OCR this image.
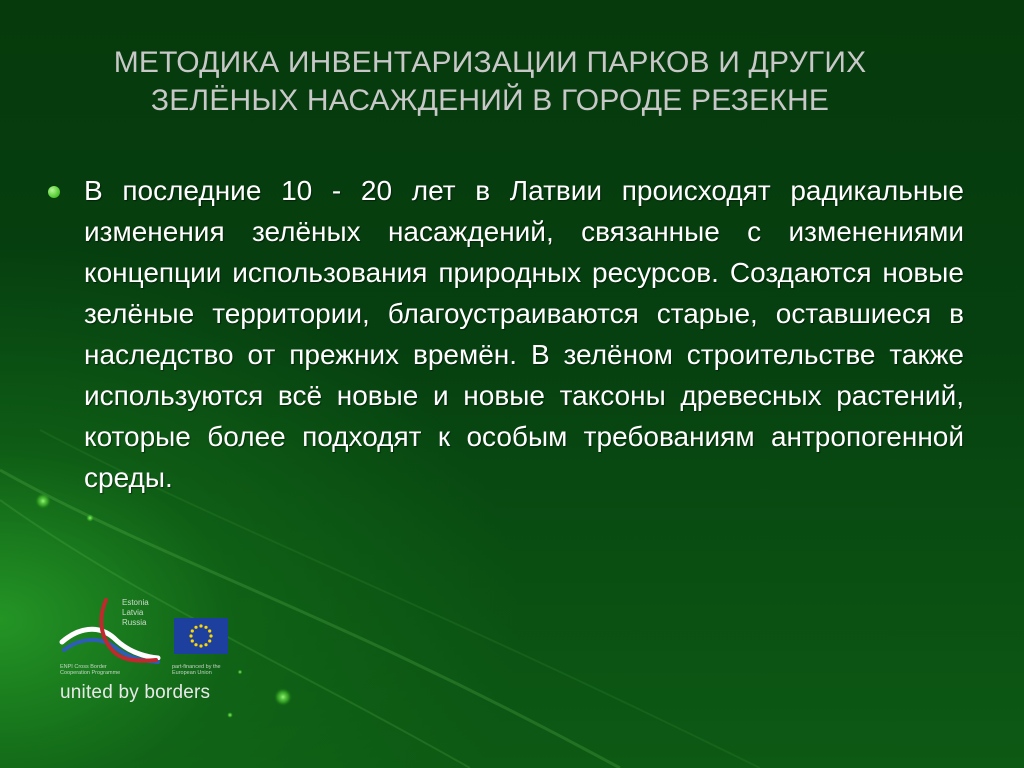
МЕТОДИКА ИНВЕНТАРИЗАЦИИ ПАРКОВ И ДРУГИХ
ЗЕЛЁНЫХ НАСАЖДЕНИЙ В ГОРОДЕ РЕЗЕКНЕ
В последние 10 - 20 лет в Латвии происходят радикальные изменения зелёных насаждений, связанные с изменениями концепции использования природных ресурсов. Создаются новые зелёные территории, благоустраиваются старые, оставшиеся в наследство от прежних времён. В зелёном строительстве также используются всё новые и новые таксоны древесных растений, которые более подходят к особым требованиям антропогенной среды.
Estonia
Latvia
Russia
ENPI Cross Border Cooperation Programme
part-financed by the European Union
united by borders
